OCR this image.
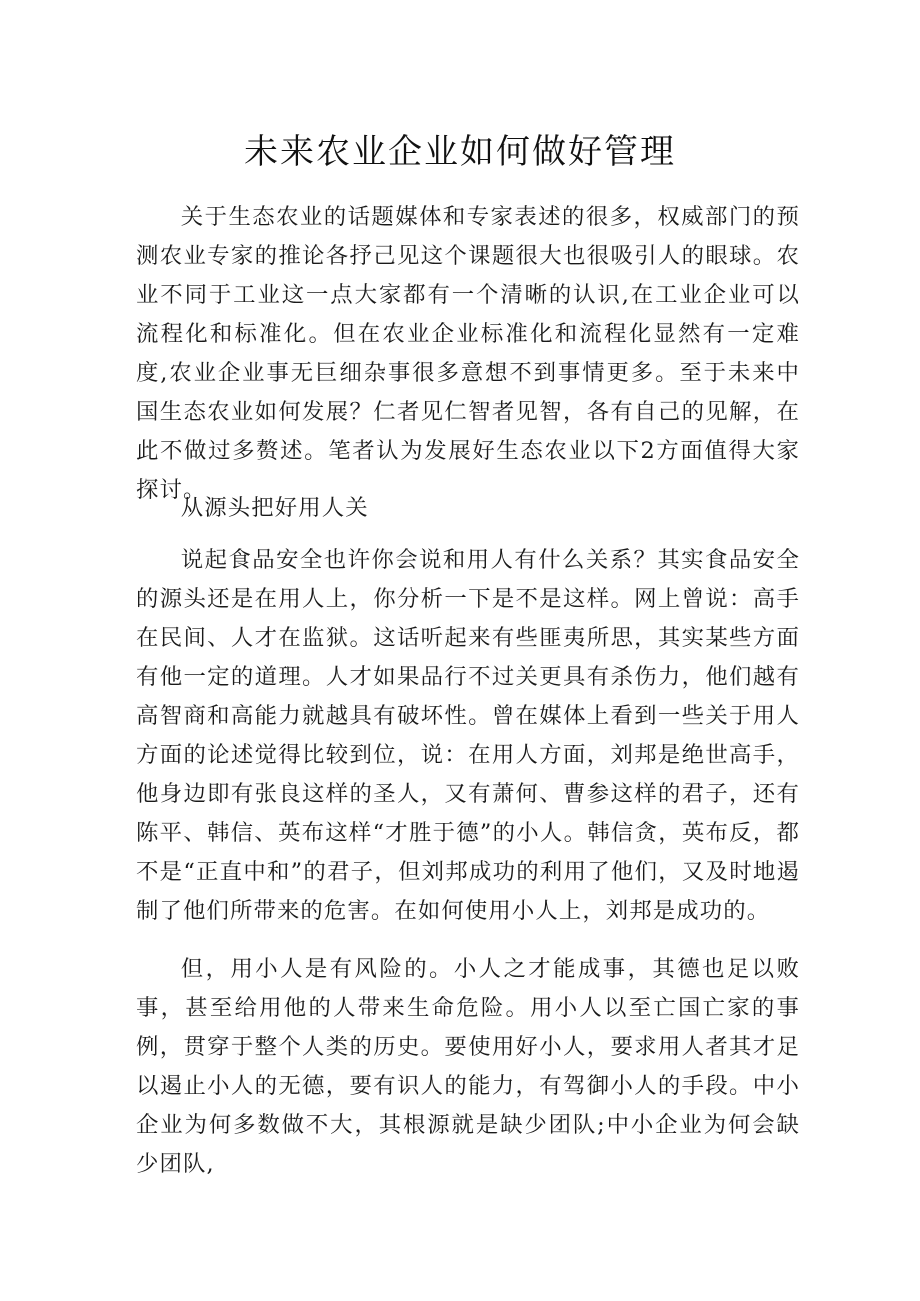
未来农业企业如何做好管理

关于生态农业的话题媒体和专家表述的很多，权威部门的预测农业专家的推论各抒己见这个课题很大也很吸引人的眼球。农业不同于工业这一点大家都有一个清晰的认识,在工业企业可以流程化和标准化。但在农业企业标准化和流程化显然有一定难度,农业企业事无巨细杂事很多意想不到事情更多。至于未来中国生态农业如何发展？仁者见仁智者见智，各有自己的见解，在此不做过多赘述。笔者认为发展好生态农业以下2方面值得大家探讨。

从源头把好用人关

说起食品安全也许你会说和用人有什么关系？其实食品安全的源头还是在用人上，你分析一下是不是这样。网上曾说：高手在民间、人才在监狱。这话听起来有些匪夷所思，其实某些方面有他一定的道理。人才如果品行不过关更具有杀伤力，他们越有高智商和高能力就越具有破坏性。曾在媒体上看到一些关于用人方面的论述觉得比较到位，说：在用人方面，刘邦是绝世高手，他身边即有张良这样的圣人，又有萧何、曹参这样的君子，还有陈平、韩信、英布这样“才胜于德”的小人。韩信贪，英布反，都不是“正直中和”的君子，但刘邦成功的利用了他们，又及时地遏制了他们所带来的危害。在如何使用小人上，刘邦是成功的。

但，用小人是有风险的。小人之才能成事，其德也足以败事，甚至给用他的人带来生命危险。用小人以至亡国亡家的事例，贯穿于整个人类的历史。要使用好小人，要求用人者其才足以遏止小人的无德，要有识人的能力，有驾御小人的手段。中小企业为何多数做不大，其根源就是缺少团队;中小企业为何会缺少团队,
